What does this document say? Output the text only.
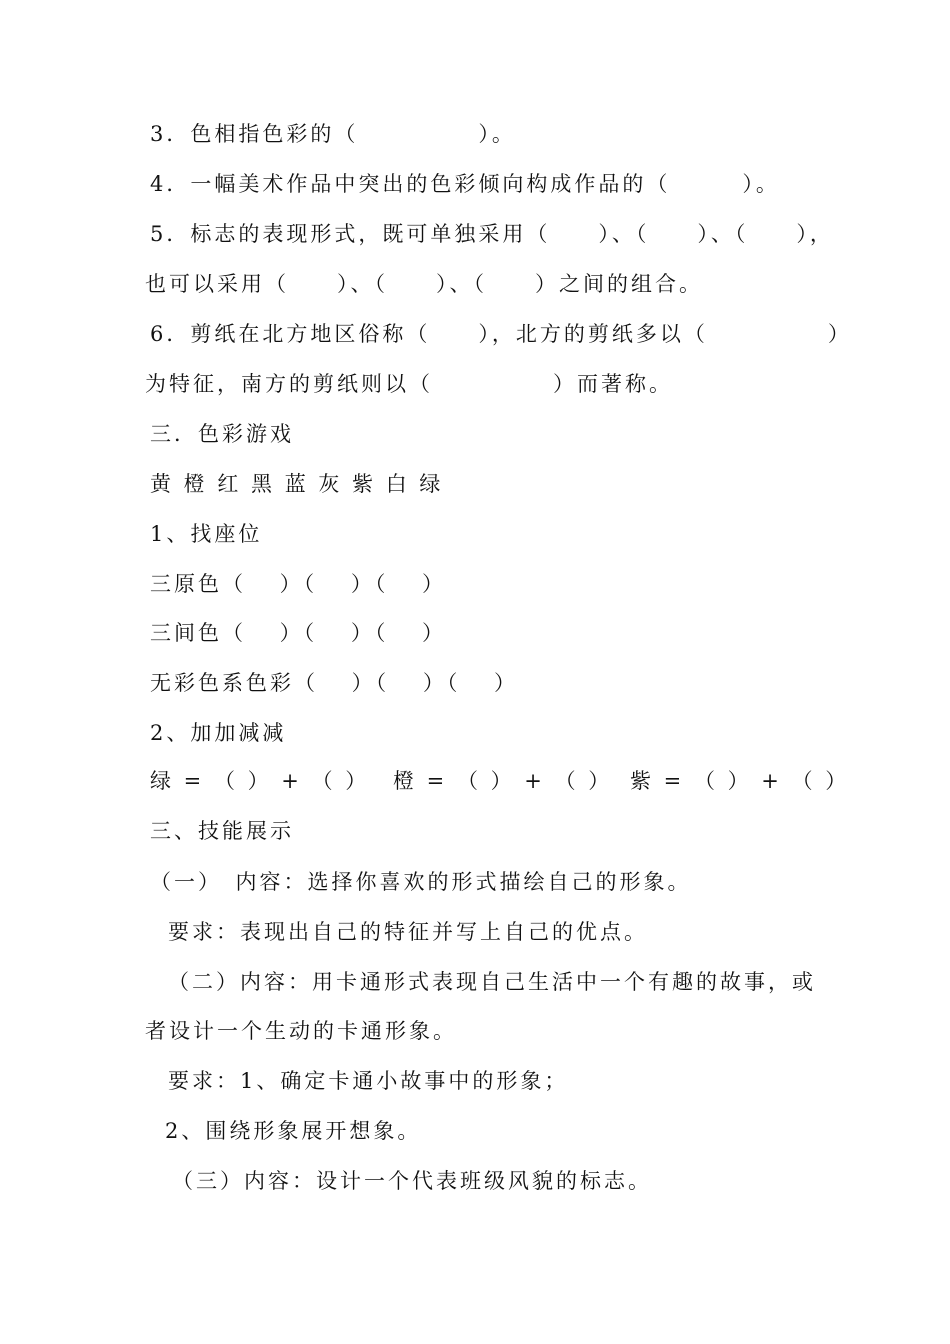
3．色相指色彩的（　　　　　）。
4．一幅美术作品中突出的色彩倾向构成作品的（　　　）。
5．标志的表现形式，既可单独采用（　　）、（　　）、（　　），
也可以采用（　　）、（　　）、（　　）之间的组合。
6．剪纸在北方地区俗称（　　），北方的剪纸多以（　　　　　）
为特征，南方的剪纸则以（　　　　　）而著称。
三．色彩游戏
黄 橙 红 黑 蓝 灰 紫 白 绿
1、找座位
三原色（　 ）（　 ）（　 ）
三间色（　 ）（　 ）（　 ）
无彩色系色彩（　 ）（　 ）（　 ）
2、加加减减
绿 = （ ） + （ ） 橙 = （ ） + （ ） 紫 = （ ） + （ ）
三、技能展示
（一）　内容：选择你喜欢的形式描绘自己的形象。
要求：表现出自己的特征并写上自己的优点。
（二）内容：用卡通形式表现自己生活中一个有趣的故事，或
者设计一个生动的卡通形象。
要求：1、确定卡通小故事中的形象；
2、围绕形象展开想象。
（三）内容：设计一个代表班级风貌的标志。
